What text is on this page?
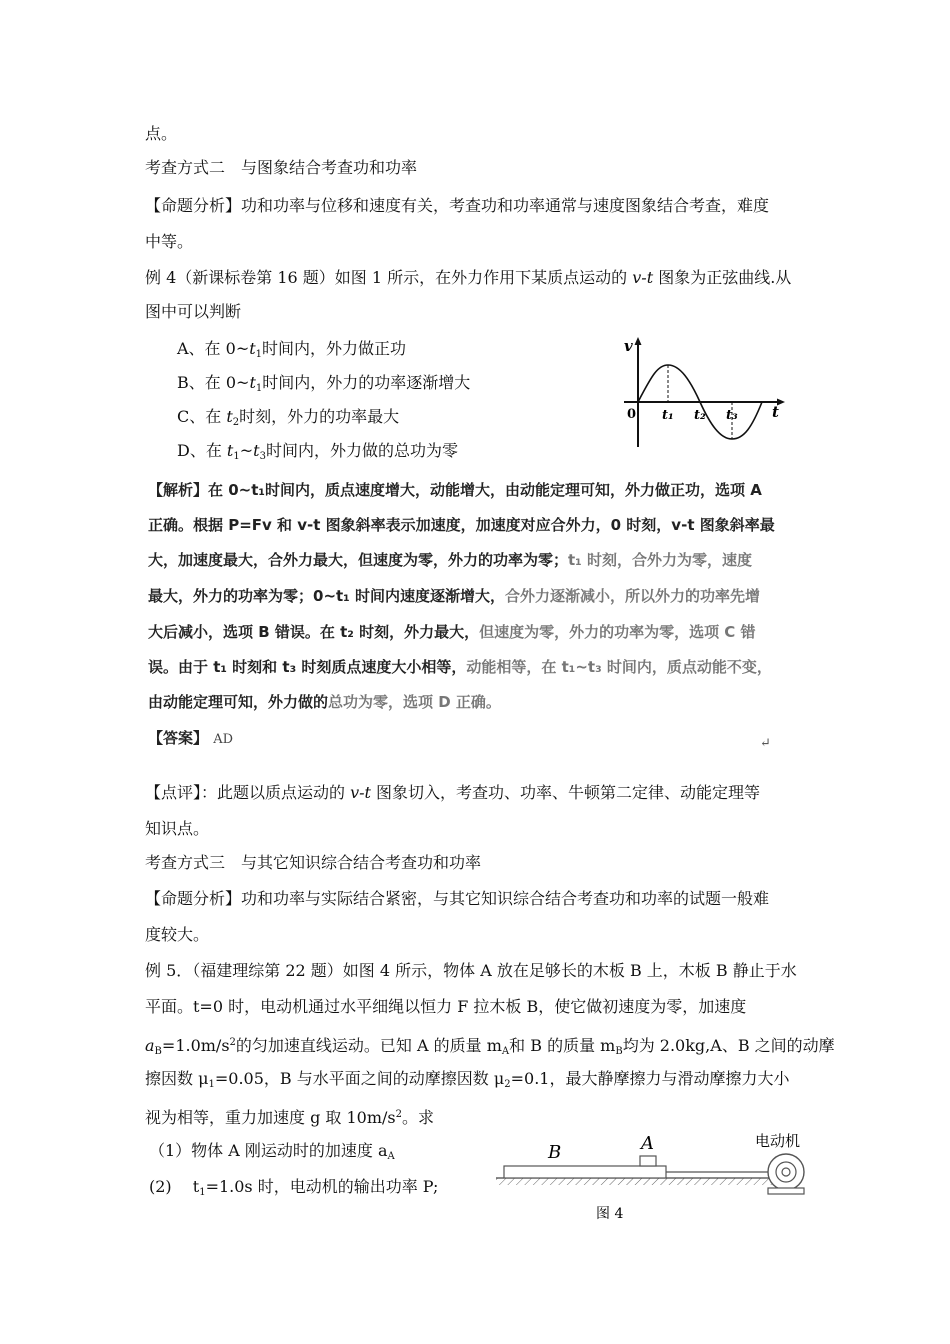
点。
考查方式二　与图象结合考查功和功率
【命题分析】功和功率与位移和速度有关，考查功和功率通常与速度图象结合考查，难度
中等。
例 4（新课标卷第 16 题）如图 1 所示，在外力作用下某质点运动的 v-t 图象为正弦曲线.从
图中可以判断
A、在 $0\sim t_1$时间内，外力做正功
B、在 $0\sim t_1$时间内，外力的功率逐渐增大
C、在 $t_2$时刻，外力的功率最大
D、在 $t_1\sim t_3$时间内，外力做的总功为零
v
t
0 t₁ t₂ t₃
【解析】在 0~t₁时间内，质点速度增大，动能增大，由动能定理可知，外力做正功，选项 A
正确。根据 P=Fv 和 v-t 图象斜率表示加速度，加速度对应合外力，0 时刻，v-t 图象斜率最
大，加速度最大，合外力最大，但速度为零，外力的功率为零；t₁ 时刻，合外力为零，速度
最大，外力的功率为零；0~t₁ 时间内速度逐渐增大，合外力逐渐减小，所以外力的功率先增
大后减小，选项 B 错误。在 t₂ 时刻，外力最大，但速度为零，外力的功率为零，选项 C 错
误。由于 t₁ 时刻和 t₃ 时刻质点速度大小相等，动能相等，在 t₁~t₃ 时间内，质点动能不变，
由动能定理可知，外力做的总功为零，选项 D 正确。
【答案】 AD	↵
【点评】：此题以质点运动的 v-t 图象切入，考查功、功率、牛顿第二定律、动能定理等
知识点。
考查方式三　与其它知识综合结合考查功和功率
【命题分析】功和功率与实际结合紧密，与其它知识综合结合考查功和功率的试题一般难
度较大。
例 5．（福建理综第 22 题）如图 4 所示，物体 A 放在足够长的木板 B 上，木板 B 静止于水
平面。t=0 时，电动机通过水平细绳以恒力 F 拉木板 B，使它做初速度为零，加速度
$a_B=1.0m/s^2$的匀加速直线运动。已知 A 的质量 $m_A$和 B 的质量 $m_B$均为 2.0kg,A、B 之间的动摩
擦因数 $\mu_1=0.05$，B 与水平面之间的动摩擦因数 $\mu_2=0.1$，最大静摩擦力与滑动摩擦力大小
视为相等，重力加速度 g 取 $10m/s^2$。求
（1）物体 A 刚运动时的加速度 $a_A$
(2)　 $t_1=1.0s$ 时，电动机的输出功率 P;
B	A	电动机
图 4
